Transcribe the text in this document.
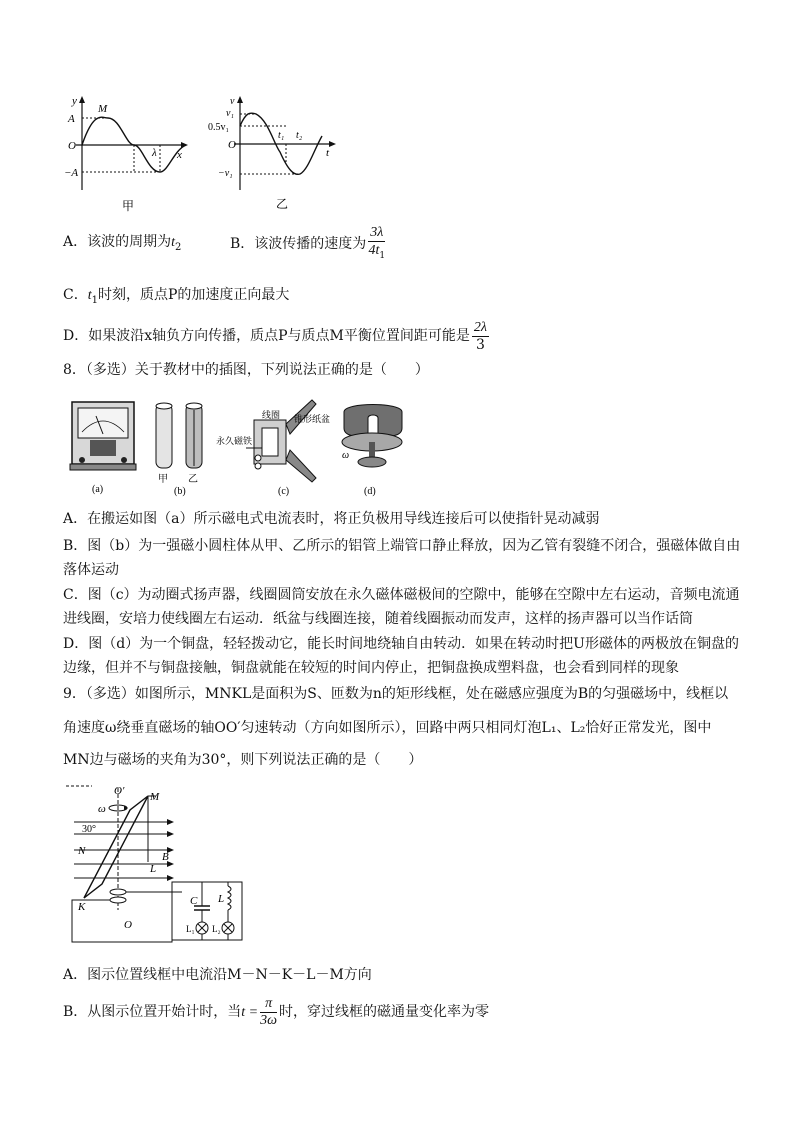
y
A
M
O
−A
λ x
甲
v
v₁
0.5v₁
O
−v₁
t₁ t₂
t
乙
A．该波的周期为$t_2$	B．该波传播的速度为 $\frac{3\lambda}{4t_1}$
C．$t_1$时刻，质点P的加速度正向最大
D．如果波沿x轴负方向传播，质点P与质点M平衡位置间距可能是 $\frac{2\lambda}{3}$
8．（多选）关于教材中的插图，下列说法正确的是（　　）
(a)
甲 乙
(b)
线圈 锥形纸盆
永久磁铁
(c)
ω
(d)
A．在搬运如图（a）所示磁电式电流表时，将正负极用导线连接后可以使指针晃动减弱
B．图（b）为一强磁小圆柱体从甲、乙所示的铝管上端管口静止释放，因为乙管有裂缝不闭合，强磁体做自由
落体运动
C．图（c）为动圈式扬声器，线圈圆筒安放在永久磁体磁极间的空隙中，能够在空隙中左右运动，音频电流通
进线圈，安培力使线圈左右运动．纸盆与线圈连接，随着线圈振动而发声，这样的扬声器可以当作话筒
D．图（d）为一个铜盘，轻轻拨动它，能长时间地绕轴自由转动．如果在转动时把U形磁体的两极放在铜盘的
边缘，但并不与铜盘接触，铜盘就能在较短的时间内停止，把铜盘换成塑料盘，也会看到同样的现象
9．（多选）如图所示，MNKL是面积为S、匝数为n的矩形线框，处在磁感应强度为B的匀强磁场中，线框以
角速度ω绕垂直磁场的轴OO′匀速转动（方向如图所示），回路中两只相同灯泡L₁、L₂恰好正常发光，图中
MN边与磁场的夹角为30°，则下列说法正确的是（　　）
O′
ω
M
30°
N	B
L
K
O
C L
L₁ L₂
A．图示位置线框中电流沿M－N－K－L－M方向
B．从图示位置开始计时，当$t = \frac{\pi}{3\omega}$ 时，穿过线框的磁通量变化率为零
